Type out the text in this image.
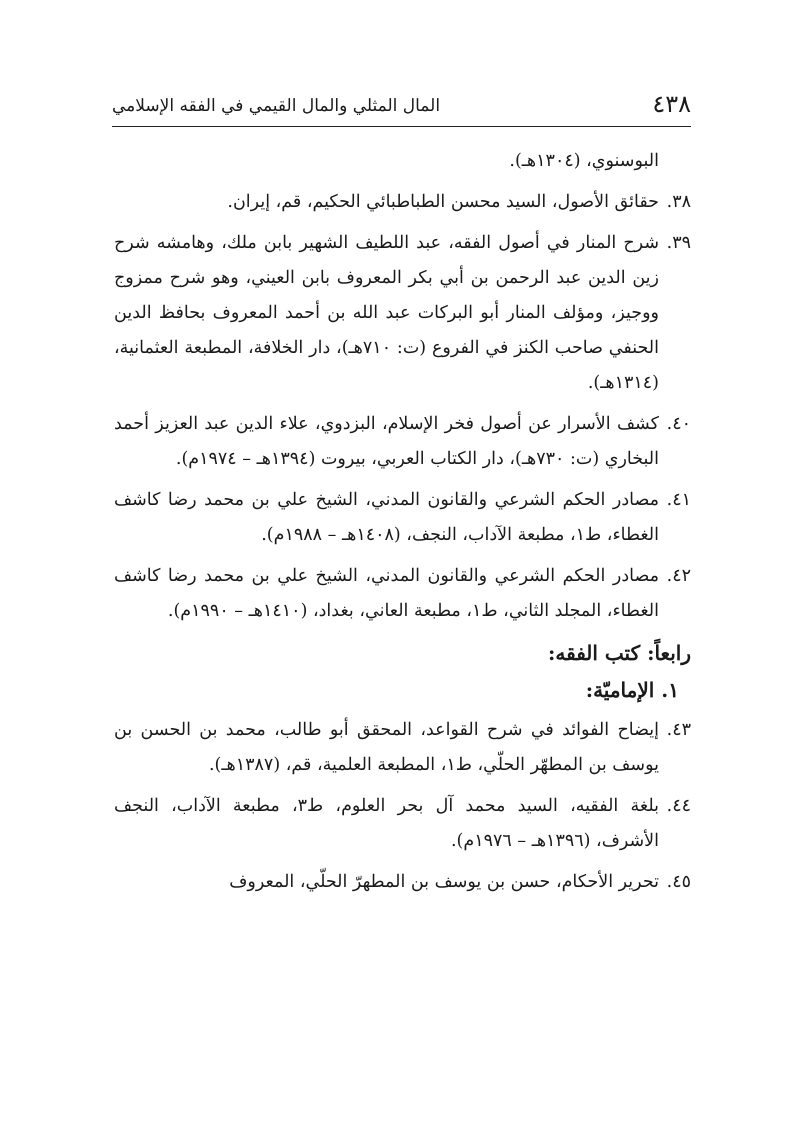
٤٣٨
المال المثلي والمال القيمي في الفقه الإسلامي

البوسنوي، (١٣٠٤هـ).

٣٨.
حقائق الأصول، السيد محسن الطباطبائي الحكيم، قم، إيران.
٣٩.
شرح المنار في أصول الفقه، عبد اللطيف الشهير بابن ملك، وهامشه شرح زين الدين عبد الرحمن بن أبي بكر المعروف بابن العيني، وهو شرح ممزوج ووجيز، ومؤلف المنار أبو البركات عبد الله بن أحمد المعروف بحافظ الدين الحنفي صاحب الكنز في الفروع (ت: ٧١٠هـ)، دار الخلافة، المطبعة العثمانية، (١٣١٤هـ).
٤٠.
كشف الأسرار عن أصول فخر الإسلام، البزدوي، علاء الدين عبد العزيز أحمد البخاري (ت: ٧٣٠هـ)، دار الكتاب العربي، بيروت (١٣٩٤هـ – ١٩٧٤م).
٤١.
مصادر الحكم الشرعي والقانون المدني، الشيخ علي بن محمد رضا كاشف الغطاء، ط١، مطبعة الآداب، النجف، (١٤٠٨هـ – ١٩٨٨م).
٤٢.
مصادر الحكم الشرعي والقانون المدني، الشيخ علي بن محمد رضا كاشف الغطاء، المجلد الثاني، ط١، مطبعة العاني، بغداد، (١٤١٠هـ – ١٩٩٠م).
رابعاً: كتب الفقه:
١. الإماميّة:
٤٣.
إيضاح الفوائد في شرح القواعد، المحقق أبو طالب، محمد بن الحسن بن يوسف بن المطهّر الحلّي، ط١، المطبعة العلمية، قم، (١٣٨٧هـ).
٤٤.
بلغة الفقيه، السيد محمد آل بحر العلوم، ط٣، مطبعة الآداب، النجف الأشرف، (١٣٩٦هـ – ١٩٧٦م).
٤٥.
تحرير الأحكام، حسن بن يوسف بن المطهرّ الحلّي، المعروف
